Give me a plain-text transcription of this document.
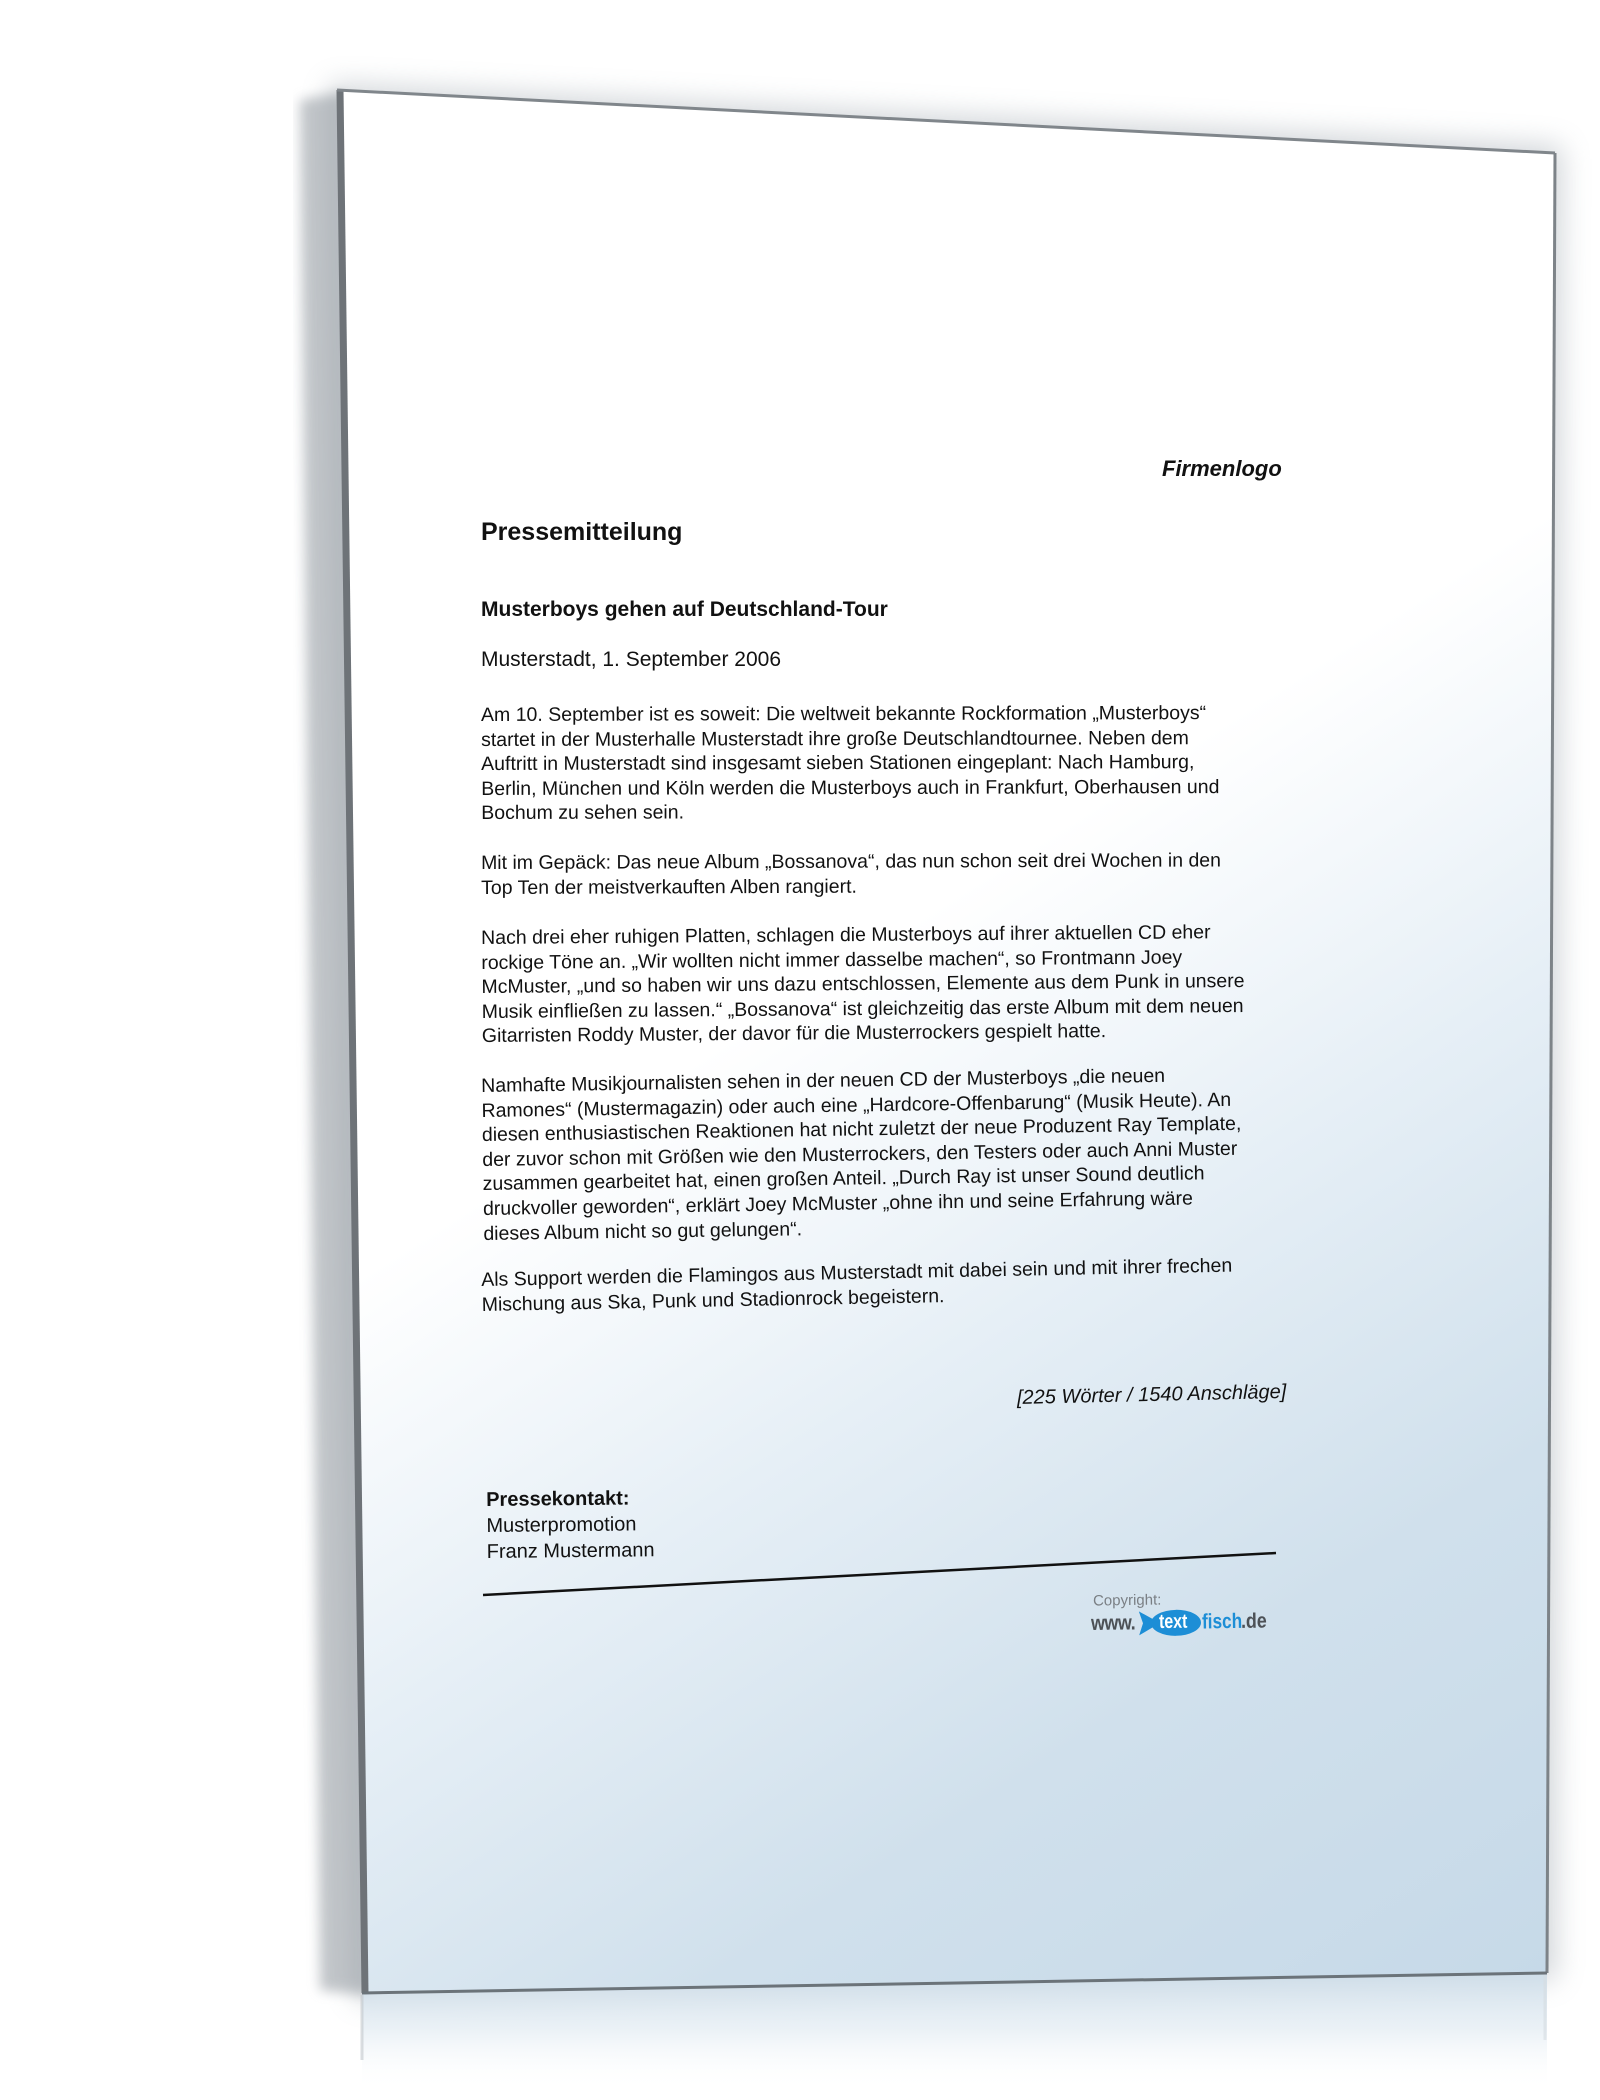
Firmenlogo
Pressemitteilung
Musterboys gehen auf Deutschland-Tour
Musterstadt, 1. September 2006
Am 10. September ist es soweit: Die weltweit bekannte Rockformation „Musterboys“
startet in der Musterhalle Musterstadt ihre große Deutschlandtournee. Neben dem
Auftritt in Musterstadt sind insgesamt sieben Stationen eingeplant: Nach Hamburg,
Berlin, München und Köln werden die Musterboys auch in Frankfurt, Oberhausen und
Bochum zu sehen sein.
Mit im Gepäck: Das neue Album „Bossanova“, das nun schon seit drei Wochen in den
Top Ten der meistverkauften Alben rangiert.
Nach drei eher ruhigen Platten, schlagen die Musterboys auf ihrer aktuellen CD eher
rockige Töne an. „Wir wollten nicht immer dasselbe machen“, so Frontmann Joey
McMuster, „und so haben wir uns dazu entschlossen, Elemente aus dem Punk in unsere
Musik einfließen zu lassen.“ „Bossanova“ ist gleichzeitig das erste Album mit dem neuen
Gitarristen Roddy Muster, der davor für die Musterrockers gespielt hatte.
Namhafte Musikjournalisten sehen in der neuen CD der Musterboys „die neuen
Ramones“ (Mustermagazin) oder auch eine „Hardcore-Offenbarung“ (Musik Heute). An
diesen enthusiastischen Reaktionen hat nicht zuletzt der neue Produzent Ray Template,
der zuvor schon mit Größen wie den Musterrockers, den Testers oder auch Anni Muster
zusammen gearbeitet hat, einen großen Anteil. „Durch Ray ist unser Sound deutlich
druckvoller geworden“, erklärt Joey McMuster „ohne ihn und seine Erfahrung wäre
dieses Album nicht so gut gelungen“.
Als Support werden die Flamingos aus Musterstadt mit dabei sein und mit ihrer frechen
Mischung aus Ska, Punk und Stadionrock begeistern.
[225 Wörter / 1540 Anschläge]
Pressekontakt:
Musterpromotion
Franz Mustermann
Copyright:
www. text fisch
.de
